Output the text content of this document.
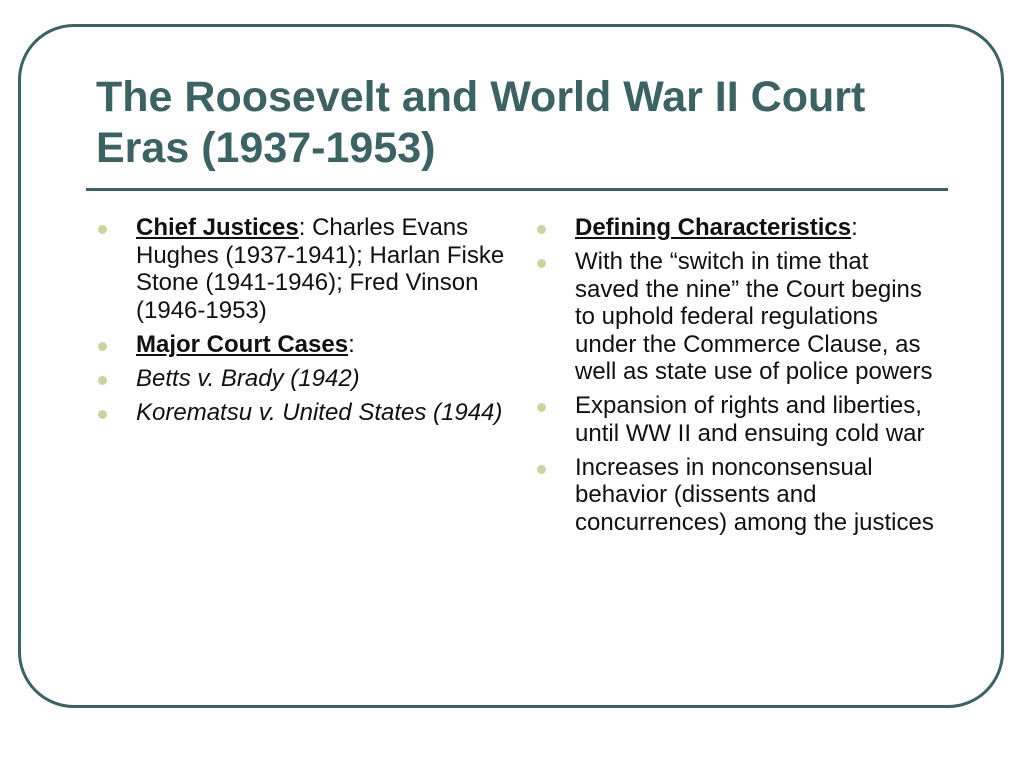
The Roosevelt and World War II Court Eras (1937-1953)
Chief Justices: Charles Evans Hughes (1937-1941); Harlan Fiske Stone (1941-1946); Fred Vinson (1946-1953)
Major Court Cases:
Betts v. Brady (1942)
Korematsu v. United States (1944)
Defining Characteristics:
With the “switch in time that saved the nine” the Court begins to uphold federal regulations under the Commerce Clause, as well as state use of police powers
Expansion of rights and liberties, until WW II and ensuing cold war
Increases in nonconsensual behavior (dissents and concurrences) among the justices
